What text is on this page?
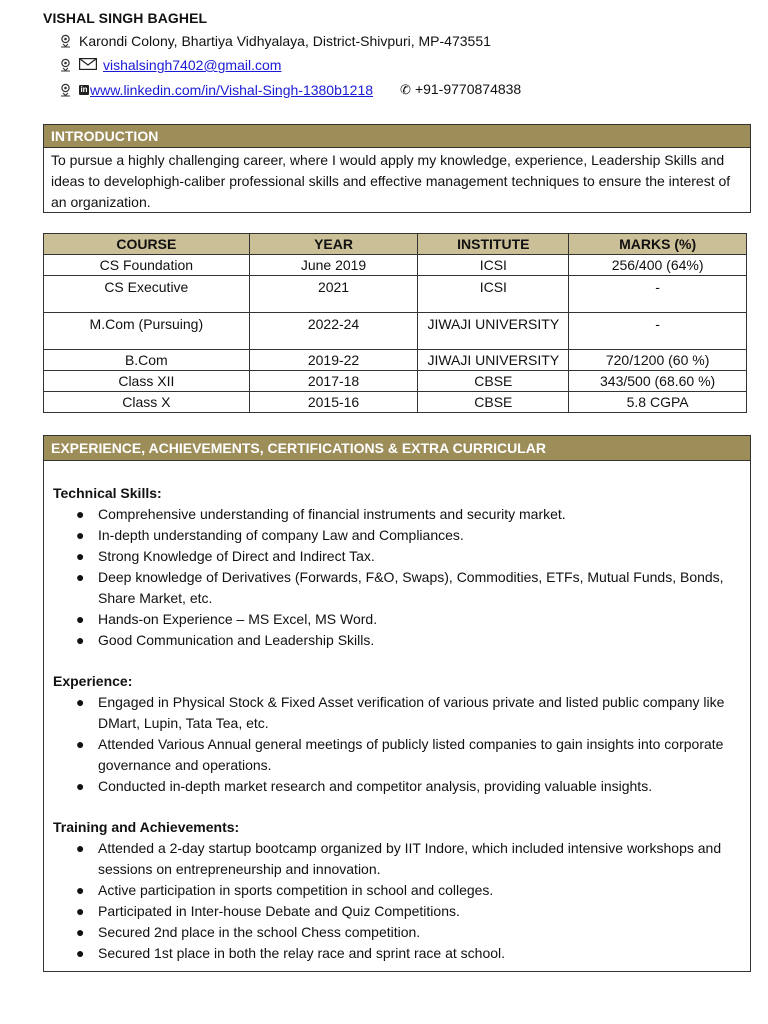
VISHAL SINGH BAGHEL
Karondi Colony, Bhartiya Vidhyalaya, District-Shivpuri, MP-473551
vishalsingh7402@gmail.com
in www.linkedin.com/in/Vishal-Singh-1380b1218 ✆ +91-9770874838
INTRODUCTION
To pursue a highly challenging career, where I would apply my knowledge, experience, Leadership Skills and ideas to develophigh-caliber professional skills and effective management techniques to ensure the interest of an organization.
COURSE	YEAR	INSTITUTE	MARKS (%)
CS Foundation	June 2019	ICSI	256/400 (64%)
CS Executive	2021	ICSI	-
M.Com (Pursuing)	2022-24	JIWAJI UNIVERSITY	-
B.Com	2019-22	JIWAJI UNIVERSITY	720/1200 (60 %)
Class XII	2017-18	CBSE	343/500 (68.60 %)
Class X	2015-16	CBSE	5.8 CGPA
EXPERIENCE, ACHIEVEMENTS, CERTIFICATIONS & EXTRA CURRICULAR
Technical Skills:
● Comprehensive understanding of financial instruments and security market.
● In-depth understanding of company Law and Compliances.
● Strong Knowledge of Direct and Indirect Tax.
● Deep knowledge of Derivatives (Forwards, F&O, Swaps), Commodities, ETFs, Mutual Funds, Bonds, Share Market, etc.
● Hands-on Experience – MS Excel, MS Word.
● Good Communication and Leadership Skills.
Experience:
● Engaged in Physical Stock & Fixed Asset verification of various private and listed public company like DMart, Lupin, Tata Tea, etc.
● Attended Various Annual general meetings of publicly listed companies to gain insights into corporate governance and operations.
● Conducted in-depth market research and competitor analysis, providing valuable insights.
Training and Achievements:
● Attended a 2-day startup bootcamp organized by IIT Indore, which included intensive workshops and sessions on entrepreneurship and innovation.
● Active participation in sports competition in school and colleges.
● Participated in Inter-house Debate and Quiz Competitions.
● Secured 2nd place in the school Chess competition.
● Secured 1st place in both the relay race and sprint race at school.
